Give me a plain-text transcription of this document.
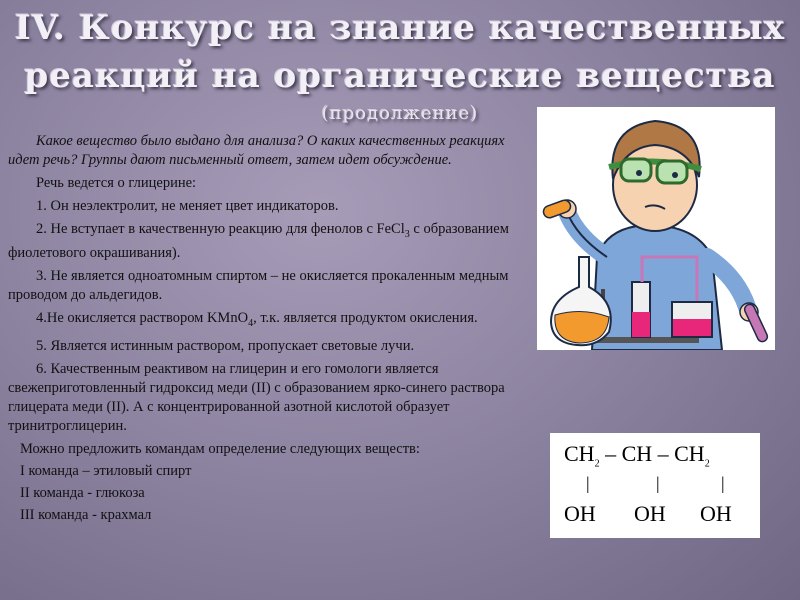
IV. Конкурс на знание качественных
реакций на органические вещества
(продолжение)

Какое вещество было выдано для анализа? О каких качественных реакциях идет речь? Группы дают письменный ответ, затем идет обсуждение.

Речь ведется о глицерине:

1. Он неэлектролит, не меняет цвет индикаторов.

2. Не вступает в качественную реакцию для фенолов с FeCl$_3$ с образованием фиолетового окрашивания).

3. Не является одноатомным спиртом – не окисляется прокаленным медным проводом до альдегидов.

4.Не окисляется раствором KMnO$_4$, т.к. является продуктом окисления.

5. Является истинным раствором, пропускает световые лучи.

6. Качественным реактивом на глицерин и его гомологи является свежеприготовленный гидроксид меди (II) с образованием ярко-синего раствора глицерата меди (II). А с концентрированной азотной кислотой образует тринитроглицерин.

Можно предложить командам определение следующих веществ:

I команда – этиловый спирт

II команда - глюкоза

III команда - крахмал

$CH_2$ – CH – $CH_2$
|	|	|
OH OH OH
